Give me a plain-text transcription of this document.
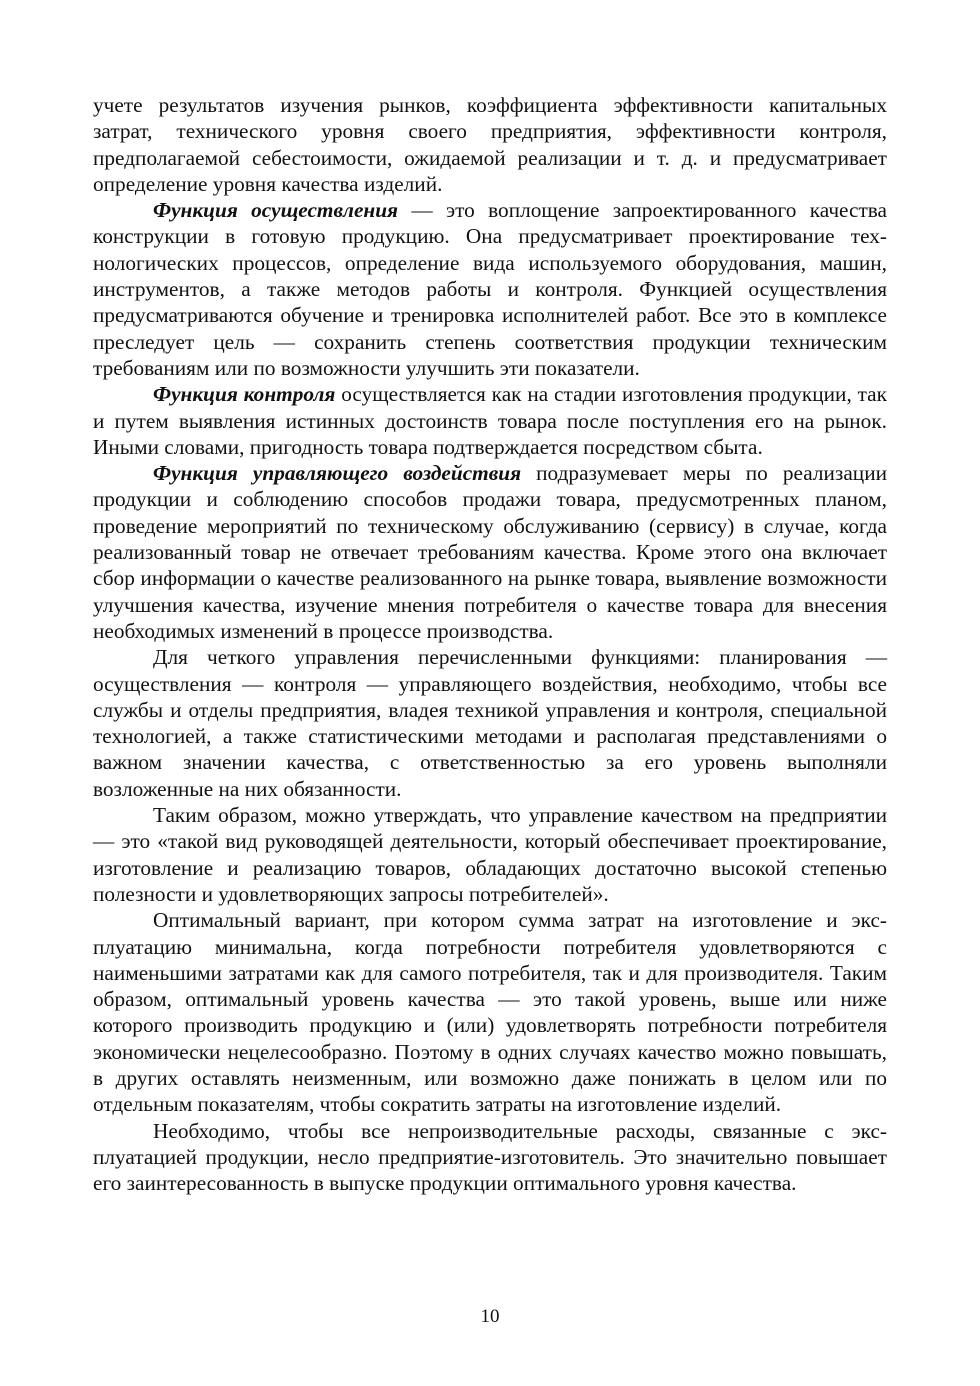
учете результатов изучения рынков, коэффициента эффективности капитальных затрат, технического уровня своего предприятия, эффективности контроля, предполагаемой себестоимости, ожидаемой реализации и т. д. и предусматривает определение уровня качества изделий.

Функция осуществления — это воплощение запроектированного качества конструкции в готовую продукцию. Она предусматривает проектирование технологических процессов, определение вида используемого оборудования, машин, инструментов, а также методов работы и контроля. Функцией осуществления предусматриваются обучение и тренировка исполнителей работ. Все это в комплексе преследует цель — сохранить степень соответствия продукции техническим требованиям или по возможности улучшить эти показатели.

Функция контроля осуществляется как на стадии изготовления продукции, так и путем выявления истинных достоинств товара после поступления его на рынок. Иными словами, пригодность товара подтверждается посредством сбыта.

Функция управляющего воздействия подразумевает меры по реализации продукции и соблюдению способов продажи товара, предусмотренных планом, проведение мероприятий по техническому обслуживанию (сервису) в случае, когда реализованный товар не отвечает требованиям качества. Кроме этого она включает сбор информации о качестве реализованного на рынке товара, выявление возможности улучшения качества, изучение мнения потребителя о качестве товара для внесения необходимых изменений в процессе производства.

Для четкого управления перечисленными функциями: планирования — осуществления — контроля — управляющего воздействия, необходимо, чтобы все службы и отделы предприятия, владея техникой управления и контроля, специальной технологией, а также статистическими методами и располагая представлениями о важном значении качества, с ответственностью за его уровень выполняли возложенные на них обязанности.

Таким образом, можно утверждать, что управление качеством на предприятии — это «такой вид руководящей деятельности, который обеспечивает проектирование, изготовление и реализацию товаров, обладающих достаточно высокой степенью полезности и удовлетворяющих запросы потребителей».

Оптимальный вариант, при котором сумма затрат на изготовление и эксплуатацию минимальна, когда потребности потребителя удовлетворяются с наименьшими затратами как для самого потребителя, так и для производителя. Таким образом, оптимальный уровень качества — это такой уровень, выше или ниже которого производить продукцию и (или) удовлетворять потребности потребителя экономически нецелесообразно. Поэтому в одних случаях качество можно повышать, в других оставлять неизменным, или возможно даже понижать в целом или по отдельным показателям, чтобы сократить затраты на изготовление изделий.

Необходимо, чтобы все непроизводительные расходы, связанные с эксплуатацией продукции, несло предприятие-изготовитель. Это значительно повышает его заинтересованность в выпуске продукции оптимального уровня качества.

10
